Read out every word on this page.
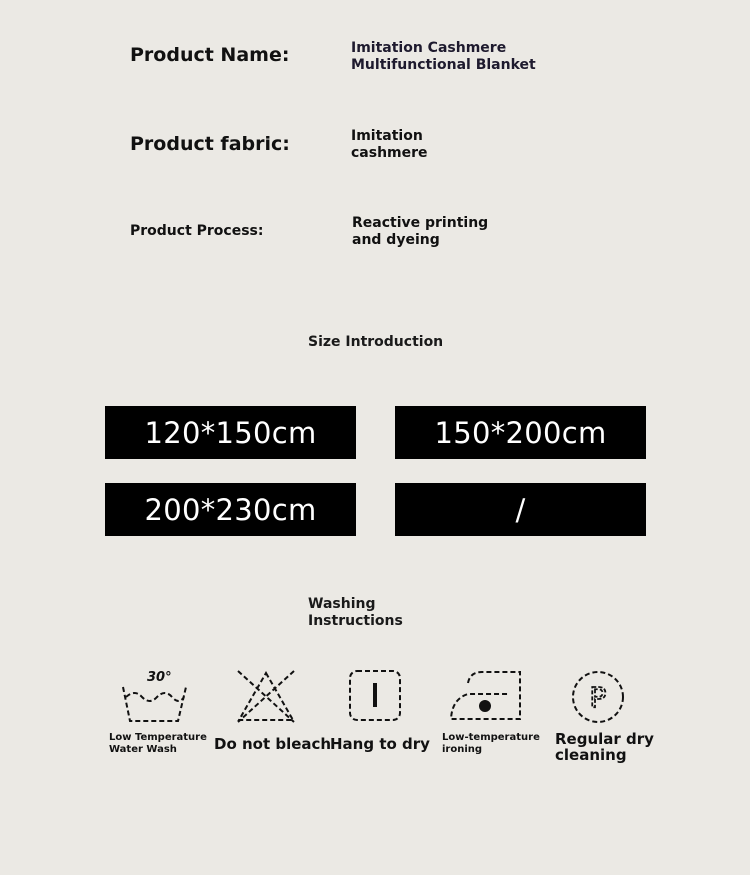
Product Name:	Imitation Cashmere
Multifunctional Blanket
Product fabric:	Imitation
cashmere
Product Process:	Reactive printing
and dyeing
Size Introduction
120*150cm	150*200cm
200*230cm	/
Washing
Instructions
30°
Low Temperature
Water Wash	Do not bleach
Hang to dry Low-temperature
ironing
P
Regular dry
cleaning
